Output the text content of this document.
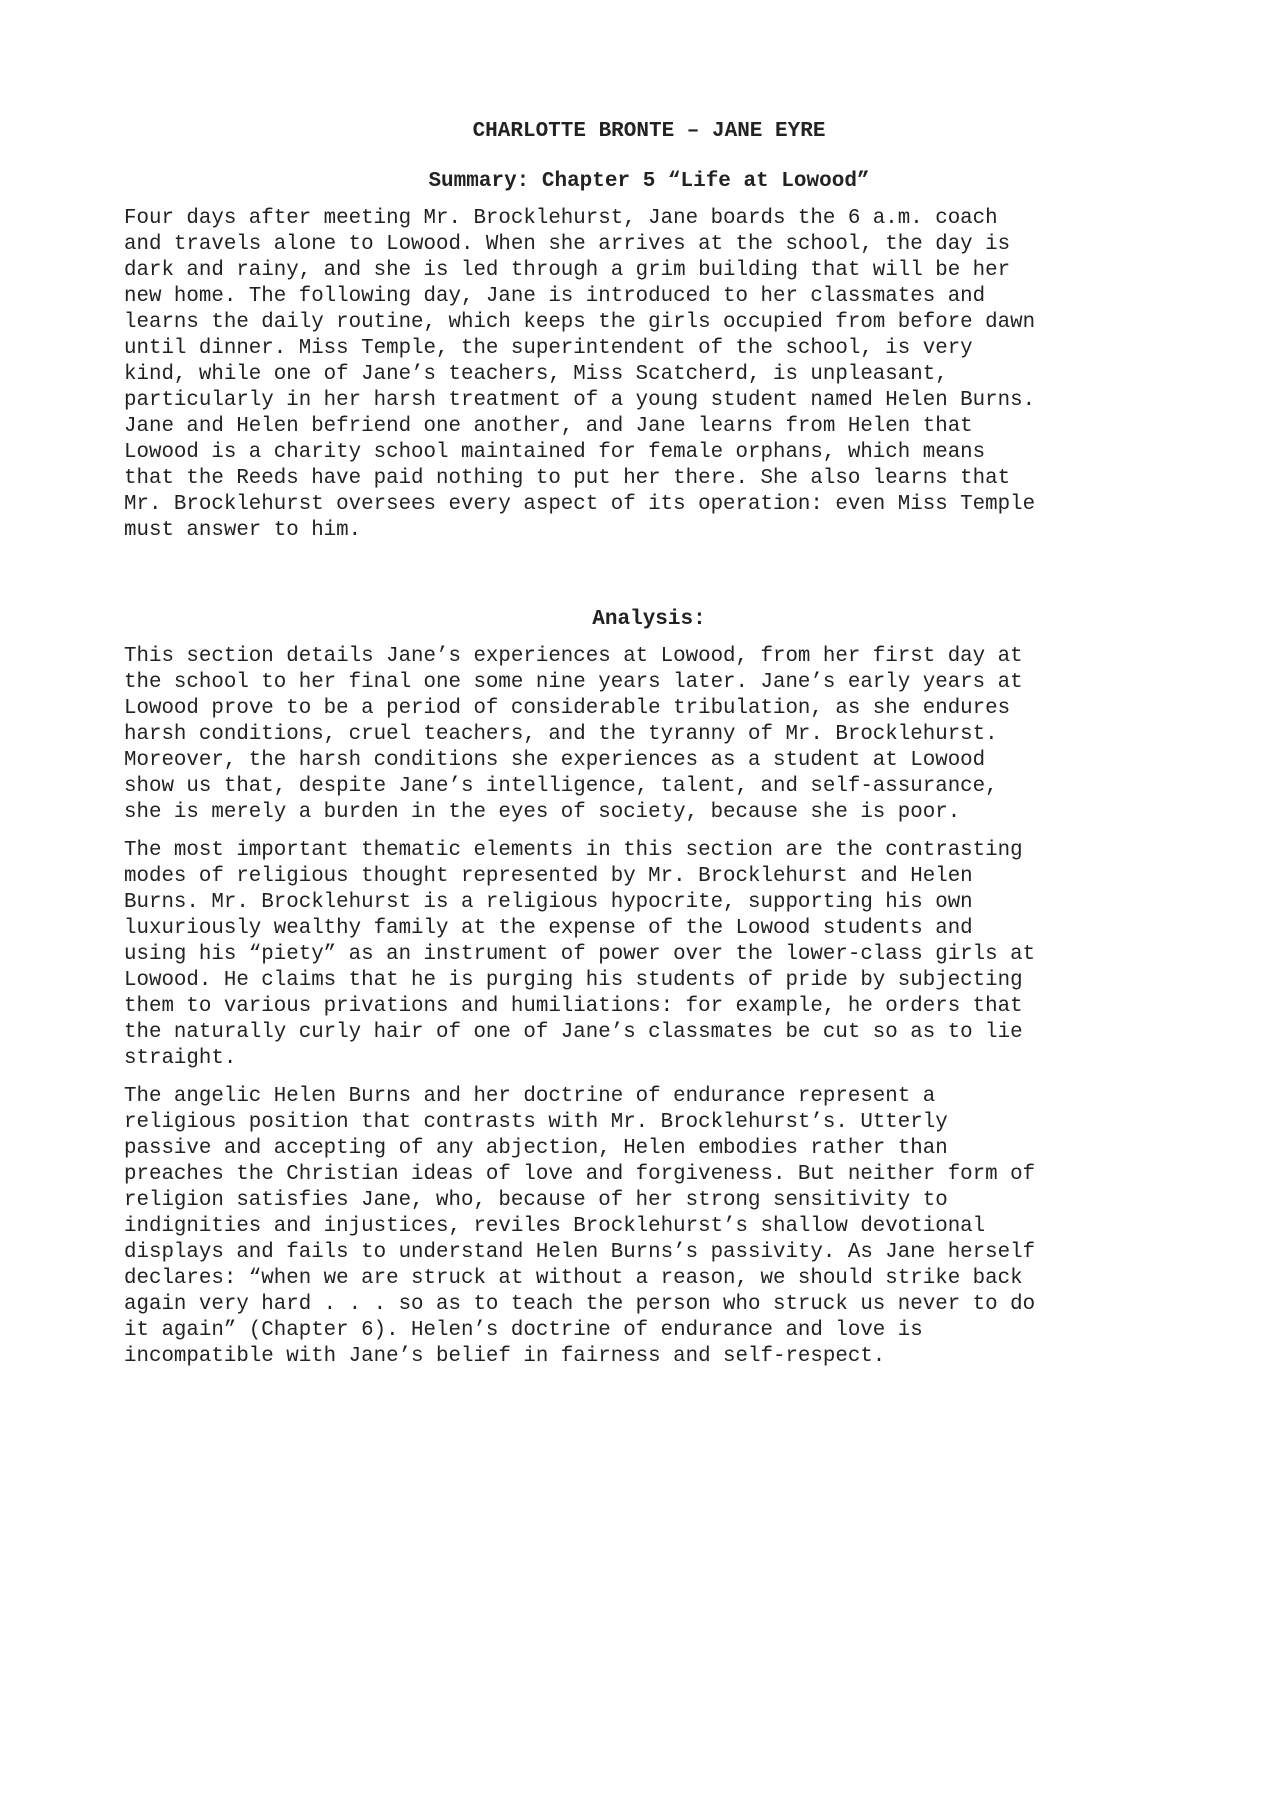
CHARLOTTE BRONTE – JANE EYRE
Summary: Chapter 5 “Life at Lowood”
Four days after meeting Mr. Brocklehurst, Jane boards the 6 a.m. coach
and travels alone to Lowood. When she arrives at the school, the day is
dark and rainy, and she is led through a grim building that will be her
new home. The following day, Jane is introduced to her classmates and
learns the daily routine, which keeps the girls occupied from before dawn
until dinner. Miss Temple, the superintendent of the school, is very
kind, while one of Jane’s teachers, Miss Scatcherd, is unpleasant,
particularly in her harsh treatment of a young student named Helen Burns.
Jane and Helen befriend one another, and Jane learns from Helen that
Lowood is a charity school maintained for female orphans, which means
that the Reeds have paid nothing to put her there. She also learns that
Mr. Brocklehurst oversees every aspect of its operation: even Miss Temple
must answer to him.
Analysis:
This section details Jane’s experiences at Lowood, from her first day at
the school to her final one some nine years later. Jane’s early years at
Lowood prove to be a period of considerable tribulation, as she endures
harsh conditions, cruel teachers, and the tyranny of Mr. Brocklehurst.
Moreover, the harsh conditions she experiences as a student at Lowood
show us that, despite Jane’s intelligence, talent, and self-assurance,
she is merely a burden in the eyes of society, because she is poor.
The most important thematic elements in this section are the contrasting
modes of religious thought represented by Mr. Brocklehurst and Helen
Burns. Mr. Brocklehurst is a religious hypocrite, supporting his own
luxuriously wealthy family at the expense of the Lowood students and
using his “piety” as an instrument of power over the lower-class girls at
Lowood. He claims that he is purging his students of pride by subjecting
them to various privations and humiliations: for example, he orders that
the naturally curly hair of one of Jane’s classmates be cut so as to lie
straight.
The angelic Helen Burns and her doctrine of endurance represent a
religious position that contrasts with Mr. Brocklehurst’s. Utterly
passive and accepting of any abjection, Helen embodies rather than
preaches the Christian ideas of love and forgiveness. But neither form of
religion satisfies Jane, who, because of her strong sensitivity to
indignities and injustices, reviles Brocklehurst’s shallow devotional
displays and fails to understand Helen Burns’s passivity. As Jane herself
declares: “when we are struck at without a reason, we should strike back
again very hard . . . so as to teach the person who struck us never to do
it again” (Chapter 6). Helen’s doctrine of endurance and love is
incompatible with Jane’s belief in fairness and self-respect.
